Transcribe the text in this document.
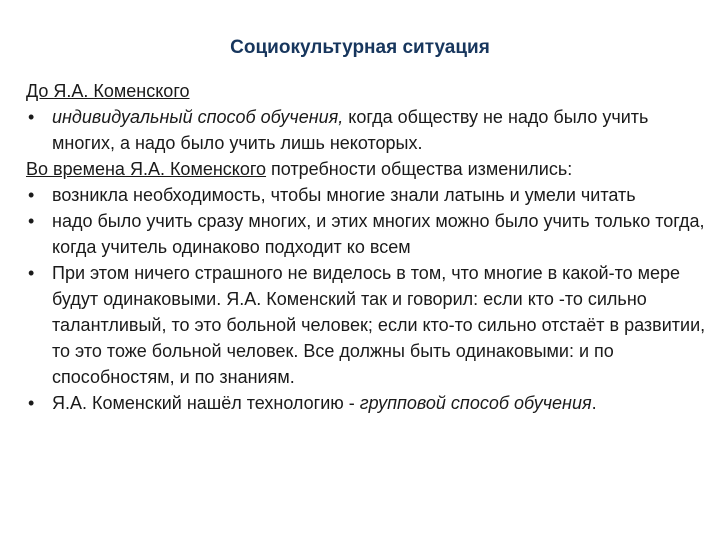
Социокультурная ситуация
До Я.А. Коменского
• индивидуальный способ обучения, когда обществу не надо было учить многих, а надо было учить лишь некоторых.
Во времена Я.А. Коменского потребности общества изменились:
• возникла необходимость, чтобы многие знали латынь и умели читать
• надо было учить сразу многих, и этих многих можно было учить только тогда, когда учитель одинаково подходит ко всем
• При этом ничего страшного не виделось в том, что многие в какой-то мере будут одинаковыми. Я.А. Коменский так и говорил: если кто -то сильно талантливый, то это больной человек; если кто-то сильно отстаёт в развитии, то это тоже больной человек. Все должны быть одинаковыми: и по способностям, и по знаниям.
• Я.А. Коменский нашёл технологию - групповой способ обучения.
